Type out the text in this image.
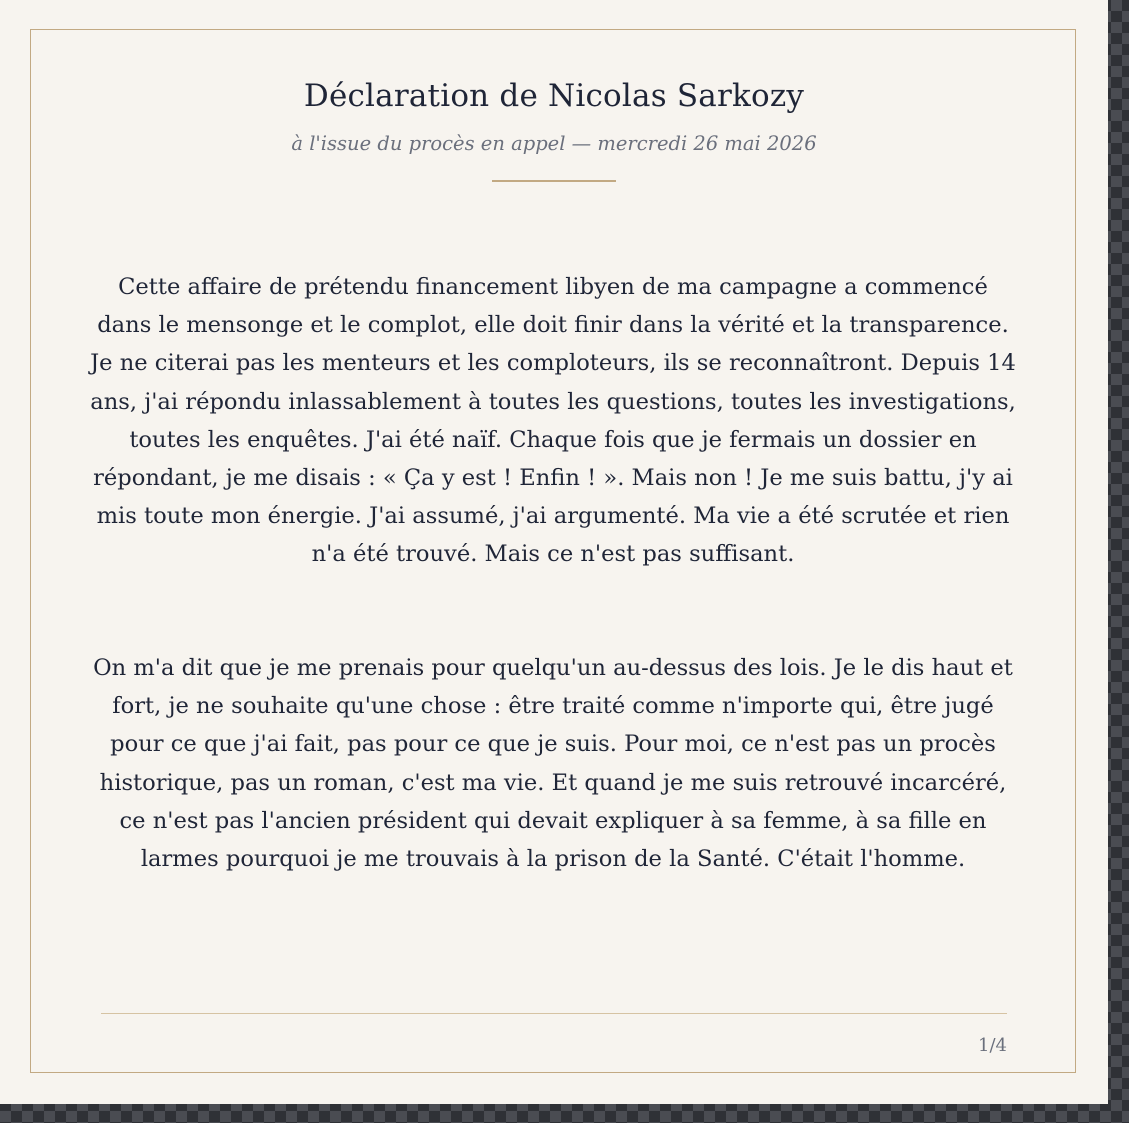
Déclaration de Nicolas Sarkozy

à l'issue du procès en appel — mercredi 26 mai 2026

Cette affaire de prétendu financement libyen de ma campagne a commencé dans le mensonge et le complot, elle doit finir dans la vérité et la transparence. Je ne citerai pas les menteurs et les comploteurs, ils se reconnaîtront. Depuis 14 ans, j'ai répondu inlassablement à toutes les questions, toutes les investigations, toutes les enquêtes. J'ai été naïf. Chaque fois que je fermais un dossier en répondant, je me disais : « Ça y est ! Enfin ! ». Mais non ! Je me suis battu, j'y ai mis toute mon énergie. J'ai assumé, j'ai argumenté. Ma vie a été scrutée et rien n'a été trouvé. Mais ce n'est pas suffisant.

On m'a dit que je me prenais pour quelqu'un au-dessus des lois. Je le dis haut et fort, je ne souhaite qu'une chose : être traité comme n'importe qui, être jugé pour ce que j'ai fait, pas pour ce que je suis. Pour moi, ce n'est pas un procès historique, pas un roman, c'est ma vie. Et quand je me suis retrouvé incarcéré, ce n'est pas l'ancien président qui devait expliquer à sa femme, à sa fille en larmes pourquoi je me trouvais à la prison de la Santé. C'était l'homme.

1/4
